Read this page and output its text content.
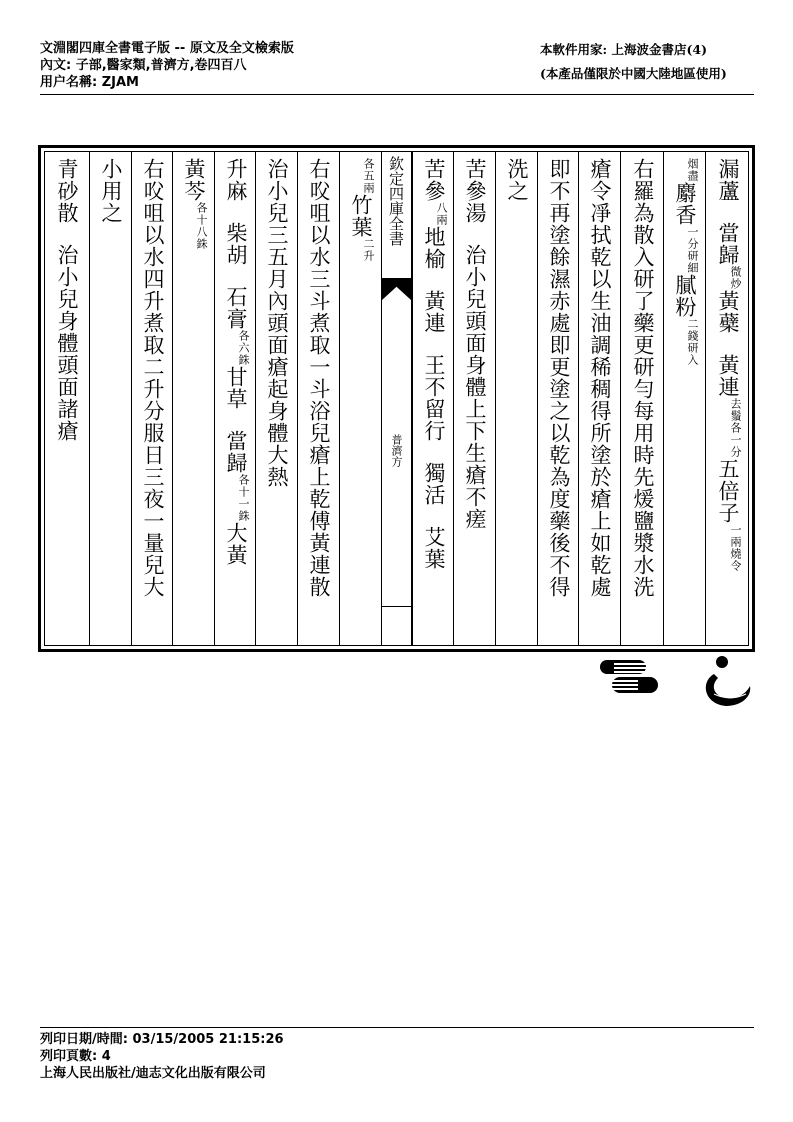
文淵閣四庫全書電子版 -- 原文及全文檢索版
內文: 子部,醫家類,普濟方,卷四百八
用户名稱: ZJAM
本軟件用家: 上海波金書店(4)
(本產品僅限於中國大陸地區使用)
漏蘆當歸微炒黃蘗黃連去鬚各一分五倍子一兩燒令
烟盡麝香一分研細膩粉二錢研入
右羅為散入研了藥更研勻每用時先煖鹽漿水洗
瘡令凈拭乾以生油調稀稠得所塗於瘡上如乾處
即不再塗餘濕赤處即更塗之以乾為度藥後不得
洗之
苦參湯治小兒頭面身體上下生瘡不瘥
苦參八兩地榆黃連王不留行獨活艾葉
各五兩竹葉二升
右㕮咀以水三斗煮取一斗浴兒瘡上乾傅黃連散
治小兒三五月內頭面瘡起身體大熱
升麻柴胡石膏各六銖甘草當歸各十一銖大黃
黃芩各十八銖
右㕮咀以水四升煮取二升分服日三夜一量兒大
小用之
青砂散治小兒身體頭面諸瘡
欽定四庫全書
普濟方
列印日期/時間: 03/15/2005 21:15:26
列印頁數: 4
上海人民出版社/迪志文化出版有限公司
